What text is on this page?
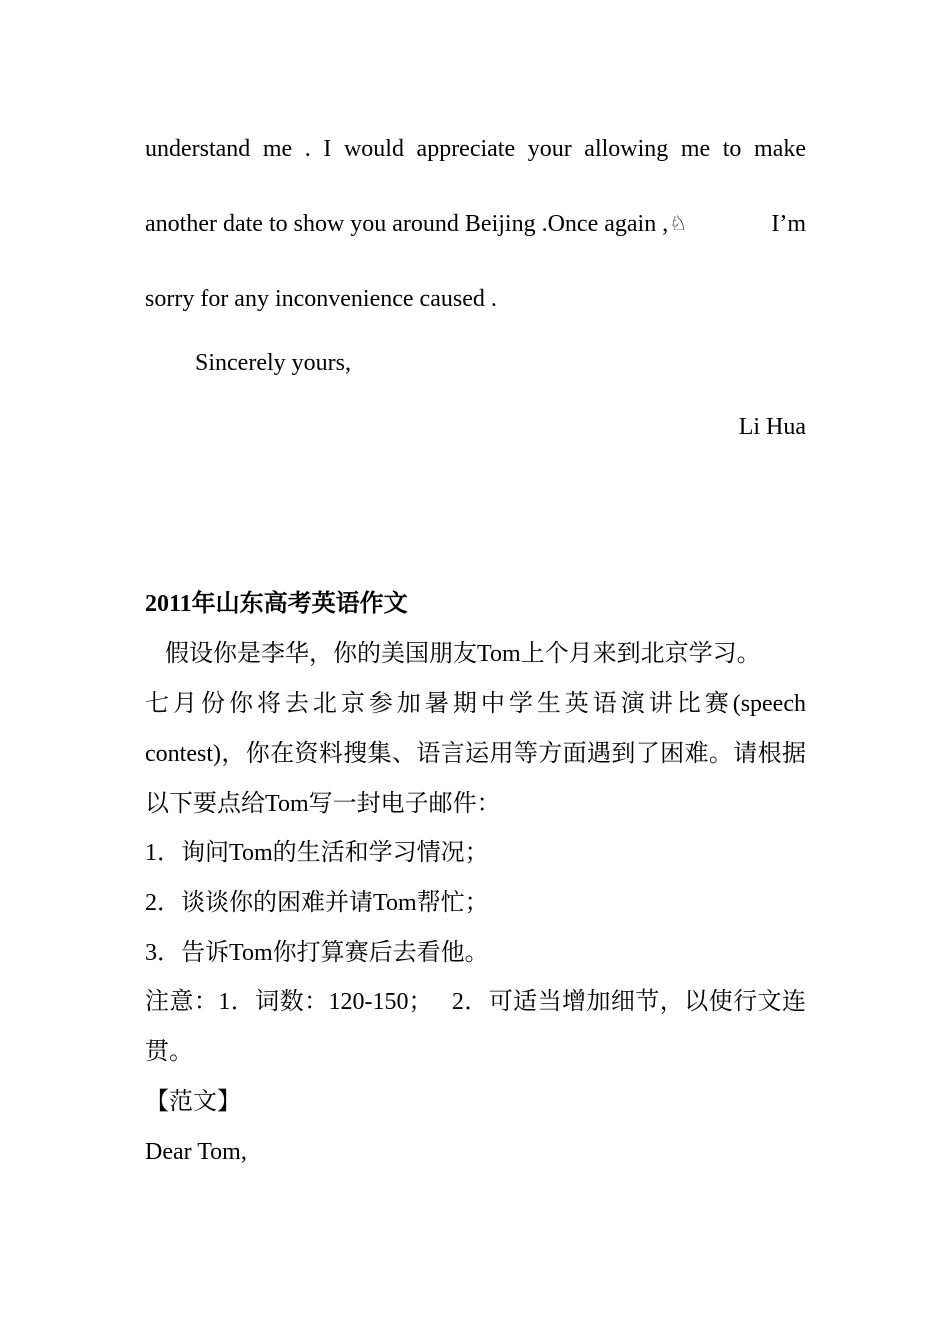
understand me . I would appreciate your allowing me to make
another date to show you around Beijing .Once again ,♘	I’m
sorry for any inconvenience caused .
Sincerely yours,
Li Hua
2011年山东高考英语作文
假设你是李华，你的美国朋友Tom上个月来到北京学习。
七月份你将去北京参加暑期中学生英语演讲比赛(speech
contest)，你在资料搜集、语言运用等方面遇到了困难。请根据
以下要点给Tom写一封电子邮件：
1．询问Tom的生活和学习情况；
2．谈谈你的困难并请Tom帮忙；
3．告诉Tom你打算赛后去看他。
注意：1．词数：120-150；　 2．可适当增加细节，以使行文连
贯。
【范文】
Dear Tom,
